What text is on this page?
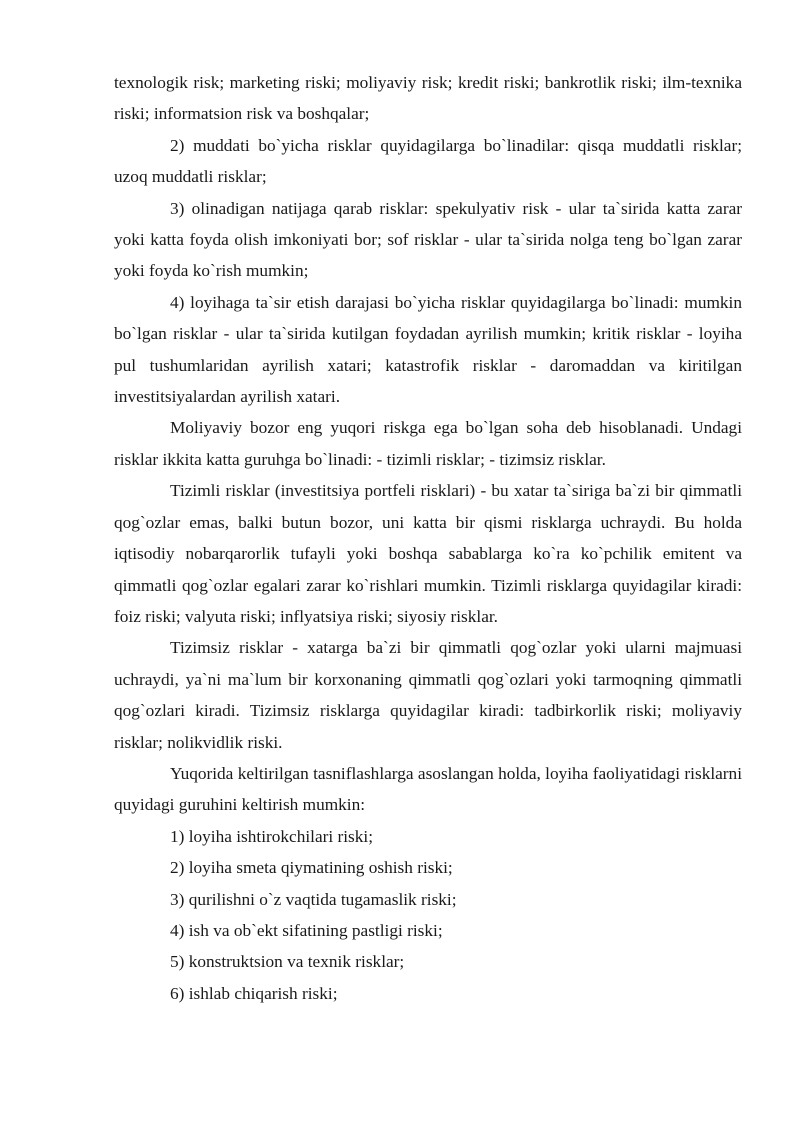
texnologik risk; marketing riski; moliyaviy risk; kredit riski; bankrotlik riski; ilm-texnika riski; informatsion risk va boshqalar;

2) muddati bo`yicha risklar quyidagilarga bo`linadilar: qisqa muddatli risklar; uzoq muddatli risklar;

3) olinadigan natijaga qarab risklar: spekulyativ risk - ular ta`sirida katta zarar yoki katta foyda olish imkoniyati bor; sof risklar - ular ta`sirida nolga teng bo`lgan zarar yoki foyda ko`rish mumkin;

4) loyihaga ta`sir etish darajasi bo`yicha risklar quyidagilarga bo`linadi: mumkin bo`lgan risklar - ular ta`sirida kutilgan foydadan ayrilish mumkin; kritik risklar - loyiha pul tushumlaridan ayrilish xatari; katastrofik risklar - daromaddan va kiritilgan investitsiyalardan ayrilish xatari.

Moliyaviy bozor eng yuqori riskga ega bo`lgan soha deb hisoblanadi. Undagi risklar ikkita katta guruhga bo`linadi: - tizimli risklar; - tizimsiz risklar.

Tizimli risklar (investitsiya portfeli risklari) - bu xatar ta`siriga ba`zi bir qimmatli qog`ozlar emas, balki butun bozor, uni katta bir qismi risklarga uchraydi. Bu holda iqtisodiy nobarqarorlik tufayli yoki boshqa sabablarga ko`ra ko`pchilik emitent va qimmatli qog`ozlar egalari zarar ko`rishlari mumkin. Tizimli risklarga quyidagilar kiradi: foiz riski; valyuta riski; inflyatsiya riski; siyosiy risklar.

Tizimsiz risklar - xatarga ba`zi bir qimmatli qog`ozlar yoki ularni majmuasi uchraydi, ya`ni ma`lum bir korxonaning qimmatli qog`ozlari yoki tarmoqning qimmatli qog`ozlari kiradi. Tizimsiz risklarga quyidagilar kiradi: tadbirkorlik riski; moliyaviy risklar; nolikvidlik riski.

Yuqorida keltirilgan tasniflashlarga asoslangan holda, loyiha faoliyatidagi risklarni quyidagi guruhini keltirish mumkin:

1) loyiha ishtirokchilari riski;

2) loyiha smeta qiymatining oshish riski;

3) qurilishni o`z vaqtida tugamaslik riski;

4) ish va ob`ekt sifatining pastligi riski;

5) konstruktsion va texnik risklar;

6) ishlab chiqarish riski;
